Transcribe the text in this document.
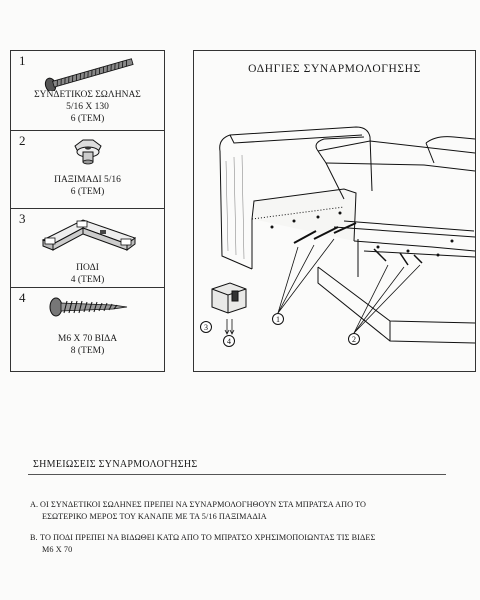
1
ΣΥΝΔΕΤΙΚΟΣ ΣΩΛΗΝΑΣ
5/16 X 130
6 (ΤΕΜ)
2
ΠΑΞΙΜΑΔΙ 5/16
6 (ΤΕΜ)
3
ΠΟΔΙ
4 (ΤΕΜ)
4
M6 X 70 ΒΙΔΑ
8 (ΤΕΜ)
ΟΔΗΓΙΕΣ ΣΥΝΑΡΜΟΛΟΓΗΣΗΣ
3
4
1
2
ΣΗΜΕΙΩΣΕΙΣ ΣΥΝΑΡΜΟΛΟΓΗΣΗΣ
A. ΟΙ ΣΥΝΔΕΤΙΚΟΙ ΣΩΛΗΝΕΣ ΠΡΕΠΕΙ ΝΑ ΣΥΝΑΡΜΟΛΟΓΗΘΟΥΝ ΣΤΑ ΜΠΡΑΤΣΑ ΑΠΟ ΤΟ
ΕΣΩΤΕΡΙΚΟ ΜΕΡΟΣ ΤΟΥ ΚΑΝΑΠΕ ΜΕ ΤΑ 5/16 ΠΑΞΙΜΑΔΙΑ
B. ΤΟ ΠΟΔΙ ΠΡΕΠΕΙ ΝΑ ΒΙΔΩΘΕΙ ΚΑΤΩ ΑΠΟ ΤΟ ΜΠΡΑΤΣΟ ΧΡΗΣΙΜΟΠΟΙΩΝΤΑΣ ΤΙΣ ΒΙΔΕΣ
M6 X 70
